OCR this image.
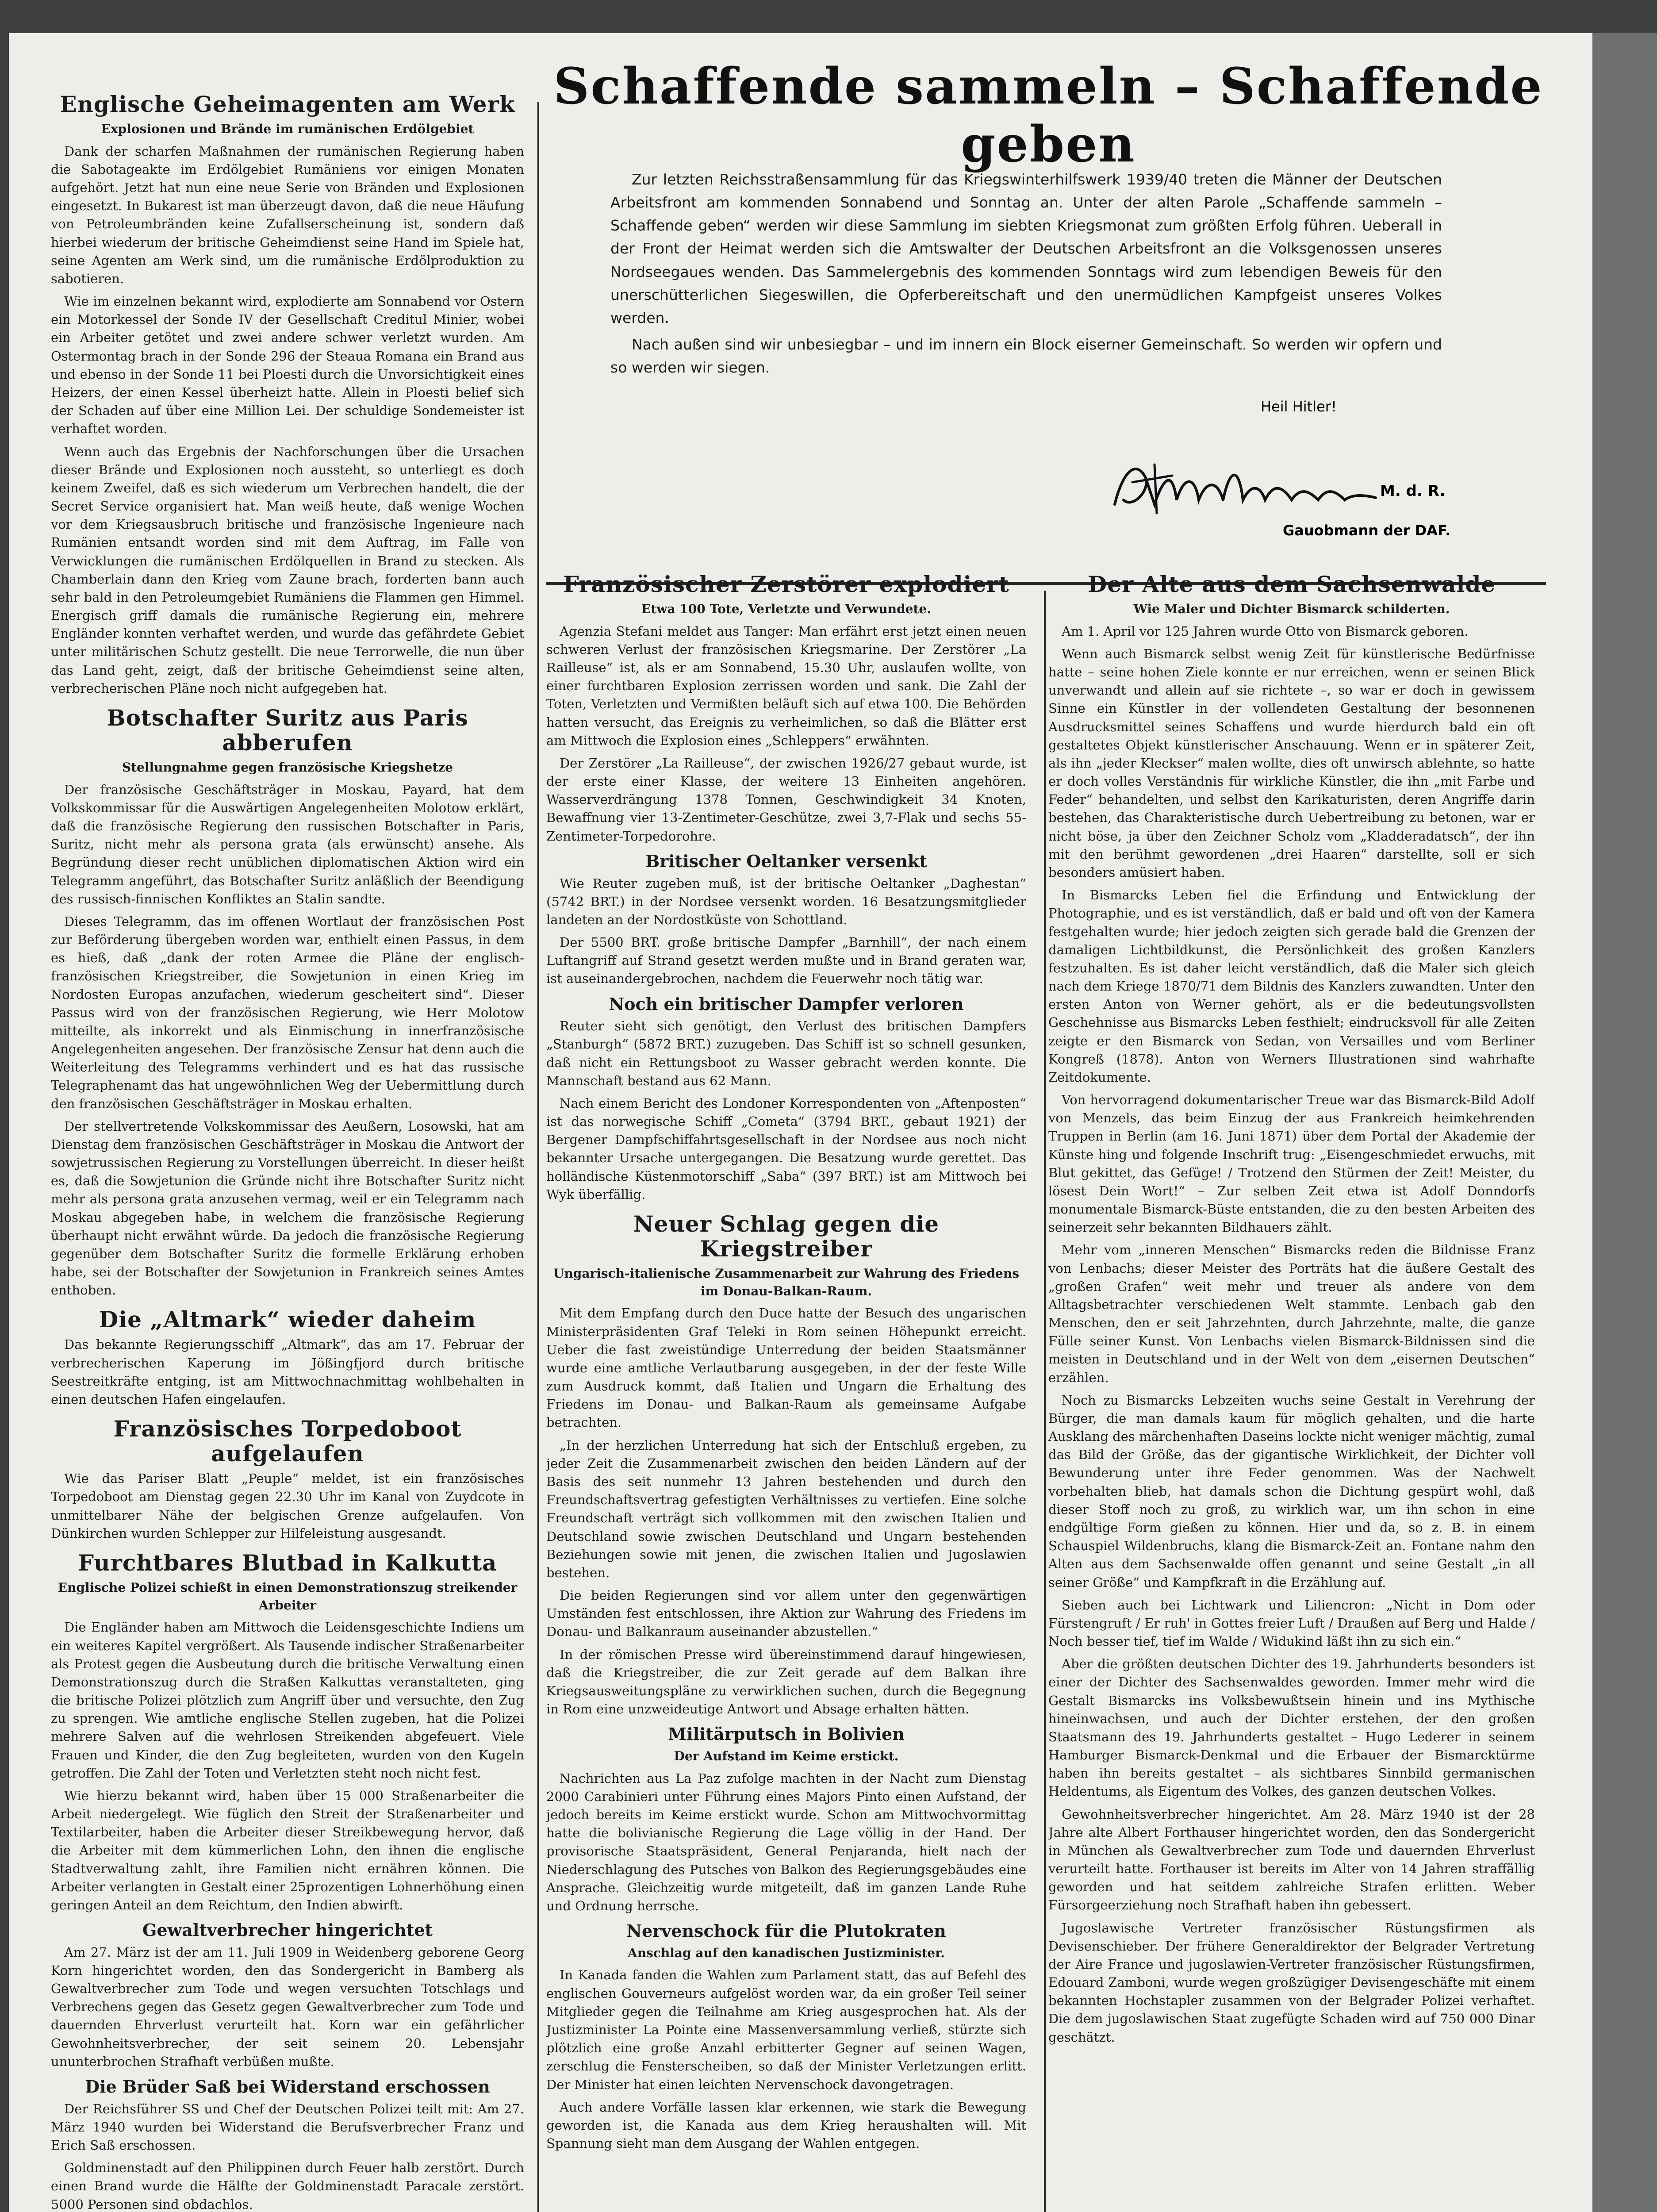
Schaffende sammeln – Schaffende geben

Zur letzten Reichsstraßensammlung für das Kriegswinterhilfswerk 1939/40 treten die Männer der Deutschen Arbeitsfront am kommenden Sonnabend und Sonntag an. Unter der alten Parole „Schaffende sammeln – Schaffende geben“ werden wir diese Sammlung im siebten Kriegsmonat zum größten Erfolg führen. Ueberall in der Front der Heimat werden sich die Amtswalter der Deutschen Arbeitsfront an die Volksgenossen unseres Nordseegaues wenden. Das Sammelergebnis des kommenden Sonntags wird zum lebendigen Beweis für den unerschütterlichen Siegeswillen, die Opferbereitschaft und den unermüdlichen Kampfgeist unseres Volkes werden.

Nach außen sind wir unbesiegbar – und im innern ein Block eiserner Gemeinschaft. So werden wir opfern und so werden wir siegen.

Heil Hitler!
M. d. R.
Gauobmann der DAF.
Englische Geheimagenten am Werk
Explosionen und Brände im rumänischen Erdölgebiet

Dank der scharfen Maßnahmen der rumänischen Regierung haben die Sabotageakte im Erdölgebiet Rumäniens vor einigen Monaten aufgehört. Jetzt hat nun eine neue Serie von Bränden und Explosionen eingesetzt. In Bukarest ist man überzeugt davon, daß die neue Häufung von Petroleumbränden keine Zufallserscheinung ist, sondern daß hierbei wiederum der britische Geheimdienst seine Hand im Spiele hat, seine Agenten am Werk sind, um die rumänische Erdölproduktion zu sabotieren.

Wie im einzelnen bekannt wird, explodierte am Sonnabend vor Ostern ein Motorkessel der Sonde IV der Gesellschaft Creditul Minier, wobei ein Arbeiter getötet und zwei andere schwer verletzt wurden. Am Ostermontag brach in der Sonde 296 der Steaua Romana ein Brand aus und ebenso in der Sonde 11 bei Ploesti durch die Unvorsichtigkeit eines Heizers, der einen Kessel überheizt hatte. Allein in Ploesti belief sich der Schaden auf über eine Million Lei. Der schuldige Sondemeister ist verhaftet worden.

Wenn auch das Ergebnis der Nachforschungen über die Ursachen dieser Brände und Explosionen noch aussteht, so unterliegt es doch keinem Zweifel, daß es sich wiederum um Verbrechen handelt, die der Secret Service organisiert hat. Man weiß heute, daß wenige Wochen vor dem Kriegsausbruch britische und französische Ingenieure nach Rumänien entsandt worden sind mit dem Auftrag, im Falle von Verwicklungen die rumänischen Erdölquellen in Brand zu stecken. Als Chamberlain dann den Krieg vom Zaune brach, forderten bann auch sehr bald in den Petroleumgebiet Rumäniens die Flammen gen Himmel. Energisch griff damals die rumänische Regierung ein, mehrere Engländer konnten verhaftet werden, und wurde das gefährdete Gebiet unter militärischen Schutz gestellt. Die neue Terrorwelle, die nun über das Land geht, zeigt, daß der britische Geheimdienst seine alten, verbrecherischen Pläne noch nicht aufgegeben hat.

Botschafter Suritz aus Paris abberufen
Stellungnahme gegen französische Kriegshetze

Der französische Geschäftsträger in Moskau, Payard, hat dem Volkskommissar für die Auswärtigen Angelegenheiten Molotow erklärt, daß die französische Regierung den russischen Botschafter in Paris, Suritz, nicht mehr als persona grata (als erwünscht) ansehe. Als Begründung dieser recht unüblichen diplomatischen Aktion wird ein Telegramm angeführt, das Botschafter Suritz anläßlich der Beendigung des russisch-finnischen Konfliktes an Stalin sandte.

Dieses Telegramm, das im offenen Wortlaut der französischen Post zur Beförderung übergeben worden war, enthielt einen Passus, in dem es hieß, daß „dank der roten Armee die Pläne der englisch-französischen Kriegstreiber, die Sowjetunion in einen Krieg im Nordosten Europas anzufachen, wiederum gescheitert sind“. Dieser Passus wird von der französischen Regierung, wie Herr Molotow mitteilte, als inkorrekt und als Einmischung in innerfranzösische Angelegenheiten angesehen. Der französische Zensur hat denn auch die Weiterleitung des Telegramms verhindert und es hat das russische Telegraphenamt das hat ungewöhnlichen Weg der Uebermittlung durch den französischen Geschäftsträger in Moskau erhalten.

Der stellvertretende Volkskommissar des Aeußern, Losowski, hat am Dienstag dem französischen Geschäftsträger in Moskau die Antwort der sowjetrussischen Regierung zu Vorstellungen überreicht. In dieser heißt es, daß die Sowjetunion die Gründe nicht ihre Botschafter Suritz nicht mehr als persona grata anzusehen vermag, weil er ein Telegramm nach Moskau abgegeben habe, in welchem die französische Regierung überhaupt nicht erwähnt würde. Da jedoch die französische Regierung gegenüber dem Botschafter Suritz die formelle Erklärung erhoben habe, sei der Botschafter der Sowjetunion in Frankreich seines Amtes enthoben.

Die „Altmark“ wieder daheim

Das bekannte Regierungsschiff „Altmark“, das am 17. Februar der verbrecherischen Kaperung im Jößingfjord durch britische Seestreitkräfte entging, ist am Mittwochnachmittag wohlbehalten in einen deutschen Hafen eingelaufen.

Französisches Torpedoboot aufgelaufen

Wie das Pariser Blatt „Peuple“ meldet, ist ein französisches Torpedoboot am Dienstag gegen 22.30 Uhr im Kanal von Zuydcote in unmittelbarer Nähe der belgischen Grenze aufgelaufen. Von Dünkirchen wurden Schlepper zur Hilfeleistung ausgesandt.

Furchtbares Blutbad in Kalkutta
Englische Polizei schießt in einen Demonstrationszug streikender Arbeiter

Die Engländer haben am Mittwoch die Leidensgeschichte Indiens um ein weiteres Kapitel vergrößert. Als Tausende indischer Straßenarbeiter als Protest gegen die Ausbeutung durch die britische Verwaltung einen Demonstrationszug durch die Straßen Kalkuttas veranstalteten, ging die britische Polizei plötzlich zum Angriff über und versuchte, den Zug zu sprengen. Wie amtliche englische Stellen zugeben, hat die Polizei mehrere Salven auf die wehrlosen Streikenden abgefeuert. Viele Frauen und Kinder, die den Zug begleiteten, wurden von den Kugeln getroffen. Die Zahl der Toten und Verletzten steht noch nicht fest.

Wie hierzu bekannt wird, haben über 15 000 Straßenarbeiter die Arbeit niedergelegt. Wie füglich den Streit der Straßenarbeiter und Textilarbeiter, haben die Arbeiter dieser Streikbewegung hervor, daß die Arbeiter mit dem kümmerlichen Lohn, den ihnen die englische Stadtverwaltung zahlt, ihre Familien nicht ernähren können. Die Arbeiter verlangten in Gestalt einer 25prozentigen Lohnerhöhung einen geringen Anteil an dem Reichtum, den Indien abwirft.

Gewaltverbrecher hingerichtet

Am 27. März ist der am 11. Juli 1909 in Weidenberg geborene Georg Korn hingerichtet worden, den das Sondergericht in Bamberg als Gewaltverbrecher zum Tode und wegen versuchten Totschlags und Verbrechens gegen das Gesetz gegen Gewaltverbrecher zum Tode und dauernden Ehrverlust verurteilt hat. Korn war ein gefährlicher Gewohnheitsverbrecher, der seit seinem 20. Lebensjahr ununterbrochen Strafhaft verbüßen mußte.

Die Brüder Saß bei Widerstand erschossen

Der Reichsführer SS und Chef der Deutschen Polizei teilt mit: Am 27. März 1940 wurden bei Widerstand die Berufsverbrecher Franz und Erich Saß erschossen.

Goldminenstadt auf den Philippinen durch Feuer halb zerstört. Durch einen Brand wurde die Hälfte der Goldminenstadt Paracale zerstört. 5000 Personen sind obdachlos.

Französischer Zerstörer explodiert
Etwa 100 Tote, Verletzte und Verwundete.

Agenzia Stefani meldet aus Tanger: Man erfährt erst jetzt einen neuen schweren Verlust der französischen Kriegsmarine. Der Zerstörer „La Railleuse“ ist, als er am Sonnabend, 15.30 Uhr, auslaufen wollte, von einer furchtbaren Explosion zerrissen worden und sank. Die Zahl der Toten, Verletzten und Vermißten beläuft sich auf etwa 100. Die Behörden hatten versucht, das Ereignis zu verheimlichen, so daß die Blätter erst am Mittwoch die Explosion eines „Schleppers“ erwähnten.

Der Zerstörer „La Railleuse“, der zwischen 1926/27 gebaut wurde, ist der erste einer Klasse, der weitere 13 Einheiten angehören. Wasserverdrängung 1378 Tonnen, Geschwindigkeit 34 Knoten, Bewaffnung vier 13-Zentimeter-Geschütze, zwei 3,7-Flak und sechs 55-Zentimeter-Torpedorohre.

Britischer Oeltanker versenkt

Wie Reuter zugeben muß, ist der britische Oeltanker „Daghestan“ (5742 BRT.) in der Nordsee versenkt worden. 16 Besatzungsmitglieder landeten an der Nordostküste von Schottland.

Der 5500 BRT. große britische Dampfer „Barnhill“, der nach einem Luftangriff auf Strand gesetzt werden mußte und in Brand geraten war, ist auseinandergebrochen, nachdem die Feuerwehr noch tätig war.

Noch ein britischer Dampfer verloren

Reuter sieht sich genötigt, den Verlust des britischen Dampfers „Stanburgh“ (5872 BRT.) zuzugeben. Das Schiff ist so schnell gesunken, daß nicht ein Rettungsboot zu Wasser gebracht werden konnte. Die Mannschaft bestand aus 62 Mann.

Nach einem Bericht des Londoner Korrespondenten von „Aftenposten“ ist das norwegische Schiff „Cometa“ (3794 BRT., gebaut 1921) der Bergener Dampfschiffahrtsgesellschaft in der Nordsee aus noch nicht bekannter Ursache untergegangen. Die Besatzung wurde gerettet. Das holländische Küstenmotorschiff „Saba“ (397 BRT.) ist am Mittwoch bei Wyk überfällig.

Neuer Schlag gegen die Kriegstreiber
Ungarisch-italienische Zusammenarbeit zur Wahrung des Friedens im Donau-Balkan-Raum.

Mit dem Empfang durch den Duce hatte der Besuch des ungarischen Ministerpräsidenten Graf Teleki in Rom seinen Höhepunkt erreicht. Ueber die fast zweistündige Unterredung der beiden Staatsmänner wurde eine amtliche Verlautbarung ausgegeben, in der der feste Wille zum Ausdruck kommt, daß Italien und Ungarn die Erhaltung des Friedens im Donau- und Balkan-Raum als gemeinsame Aufgabe betrachten.

„In der herzlichen Unterredung hat sich der Entschluß ergeben, zu jeder Zeit die Zusammenarbeit zwischen den beiden Ländern auf der Basis des seit nunmehr 13 Jahren bestehenden und durch den Freundschaftsvertrag gefestigten Verhältnisses zu vertiefen. Eine solche Freundschaft verträgt sich vollkommen mit den zwischen Italien und Deutschland sowie zwischen Deutschland und Ungarn bestehenden Beziehungen sowie mit jenen, die zwischen Italien und Jugoslawien bestehen.

Die beiden Regierungen sind vor allem unter den gegenwärtigen Umständen fest entschlossen, ihre Aktion zur Wahrung des Friedens im Donau- und Balkanraum auseinander abzustellen.“

In der römischen Presse wird übereinstimmend darauf hingewiesen, daß die Kriegstreiber, die zur Zeit gerade auf dem Balkan ihre Kriegsausweitungspläne zu verwirklichen suchen, durch die Begegnung in Rom eine unzweideutige Antwort und Absage erhalten hätten.

Militärputsch in Bolivien
Der Aufstand im Keime erstickt.

Nachrichten aus La Paz zufolge machten in der Nacht zum Dienstag 2000 Carabinieri unter Führung eines Majors Pinto einen Aufstand, der jedoch bereits im Keime erstickt wurde. Schon am Mittwochvormittag hatte die bolivianische Regierung die Lage völlig in der Hand. Der provisorische Staatspräsident, General Penjaranda, hielt nach der Niederschlagung des Putsches von Balkon des Regierungsgebäudes eine Ansprache. Gleichzeitig wurde mitgeteilt, daß im ganzen Lande Ruhe und Ordnung herrsche.

Nervenschock für die Plutokraten
Anschlag auf den kanadischen Justizminister.

In Kanada fanden die Wahlen zum Parlament statt, das auf Befehl des englischen Gouverneurs aufgelöst worden war, da ein großer Teil seiner Mitglieder gegen die Teilnahme am Krieg ausgesprochen hat. Als der Justizminister La Pointe eine Massenversammlung verließ, stürzte sich plötzlich eine große Anzahl erbitterter Gegner auf seinen Wagen, zerschlug die Fensterscheiben, so daß der Minister Verletzungen erlitt. Der Minister hat einen leichten Nervenschock davongetragen.

Auch andere Vorfälle lassen klar erkennen, wie stark die Bewegung geworden ist, die Kanada aus dem Krieg heraushalten will. Mit Spannung sieht man dem Ausgang der Wahlen entgegen.

Der Alte aus dem Sachsenwalde
Wie Maler und Dichter Bismarck schilderten.

Am 1. April vor 125 Jahren wurde Otto von Bismarck geboren.

Wenn auch Bismarck selbst wenig Zeit für künstlerische Bedürfnisse hatte – seine hohen Ziele konnte er nur erreichen, wenn er seinen Blick unverwandt und allein auf sie richtete –, so war er doch in gewissem Sinne ein Künstler in der vollendeten Gestaltung der besonnenen Ausdrucksmittel seines Schaffens und wurde hierdurch bald ein oft gestaltetes Objekt künstlerischer Anschauung. Wenn er in späterer Zeit, als ihn „jeder Kleckser“ malen wollte, dies oft unwirsch ablehnte, so hatte er doch volles Verständnis für wirkliche Künstler, die ihn „mit Farbe und Feder“ behandelten, und selbst den Karikaturisten, deren Angriffe darin bestehen, das Charakteristische durch Uebertreibung zu betonen, war er nicht böse, ja über den Zeichner Scholz vom „Kladderadatsch“, der ihn mit den berühmt gewordenen „drei Haaren“ darstellte, soll er sich besonders amüsiert haben.

In Bismarcks Leben fiel die Erfindung und Entwicklung der Photographie, und es ist verständlich, daß er bald und oft von der Kamera festgehalten wurde; hier jedoch zeigten sich gerade bald die Grenzen der damaligen Lichtbildkunst, die Persönlichkeit des großen Kanzlers festzuhalten. Es ist daher leicht verständlich, daß die Maler sich gleich nach dem Kriege 1870/71 dem Bildnis des Kanzlers zuwandten. Unter den ersten Anton von Werner gehört, als er die bedeutungsvollsten Geschehnisse aus Bismarcks Leben festhielt; eindrucksvoll für alle Zeiten zeigte er den Bismarck von Sedan, von Versailles und vom Berliner Kongreß (1878). Anton von Werners Illustrationen sind wahrhafte Zeitdokumente.

Von hervorragend dokumentarischer Treue war das Bismarck-Bild Adolf von Menzels, das beim Einzug der aus Frankreich heimkehrenden Truppen in Berlin (am 16. Juni 1871) über dem Portal der Akademie der Künste hing und folgende Inschrift trug: „Eisengeschmiedet erwuchs, mit Blut gekittet, das Gefüge! / Trotzend den Stürmen der Zeit! Meister, du lösest Dein Wort!“ – Zur selben Zeit etwa ist Adolf Donndorfs monumentale Bismarck-Büste entstanden, die zu den besten Arbeiten des seinerzeit sehr bekannten Bildhauers zählt.

Mehr vom „inneren Menschen“ Bismarcks reden die Bildnisse Franz von Lenbachs; dieser Meister des Porträts hat die äußere Gestalt des „großen Grafen“ weit mehr und treuer als andere von dem Alltagsbetrachter verschiedenen Welt stammte. Lenbach gab den Menschen, den er seit Jahrzehnten, durch Jahrzehnte, malte, die ganze Fülle seiner Kunst. Von Lenbachs vielen Bismarck-Bildnissen sind die meisten in Deutschland und in der Welt von dem „eisernen Deutschen“ erzählen.

Noch zu Bismarcks Lebzeiten wuchs seine Gestalt in Verehrung der Bürger, die man damals kaum für möglich gehalten, und die harte Ausklang des märchenhaften Daseins lockte nicht weniger mächtig, zumal das Bild der Größe, das der gigantische Wirklichkeit, der Dichter voll Bewunderung unter ihre Feder genommen. Was der Nachwelt vorbehalten blieb, hat damals schon die Dichtung gespürt wohl, daß dieser Stoff noch zu groß, zu wirklich war, um ihn schon in eine endgültige Form gießen zu können. Hier und da, so z. B. in einem Schauspiel Wildenbruchs, klang die Bismarck-Zeit an. Fontane nahm den Alten aus dem Sachsenwalde offen genannt und seine Gestalt „in all seiner Größe“ und Kampfkraft in die Erzählung auf.

Sieben auch bei Lichtwark und Liliencron: „Nicht in Dom oder Fürstengruft / Er ruh' in Gottes freier Luft / Draußen auf Berg und Halde / Noch besser tief, tief im Walde / Widukind läßt ihn zu sich ein.“

Aber die größten deutschen Dichter des 19. Jahrhunderts besonders ist einer der Dichter des Sachsenwaldes geworden. Immer mehr wird die Gestalt Bismarcks ins Volksbewußtsein hinein und ins Mythische hineinwachsen, und auch der Dichter erstehen, der den großen Staatsmann des 19. Jahrhunderts gestaltet – Hugo Lederer in seinem Hamburger Bismarck-Denkmal und die Erbauer der Bismarcktürme haben ihn bereits gestaltet – als sichtbares Sinnbild germanischen Heldentums, als Eigentum des Volkes, des ganzen deutschen Volkes.

Gewohnheitsverbrecher hingerichtet. Am 28. März 1940 ist der 28 Jahre alte Albert Forthauser hingerichtet worden, den das Sondergericht in München als Gewaltverbrecher zum Tode und dauernden Ehrverlust verurteilt hatte. Forthauser ist bereits im Alter von 14 Jahren straffällig geworden und hat seitdem zahlreiche Strafen erlitten. Weber Fürsorgeerziehung noch Strafhaft haben ihn gebessert.

Jugoslawische Vertreter französischer Rüstungsfirmen als Devisenschieber. Der frühere Generaldirektor der Belgrader Vertretung der Aire France und jugoslawien-Vertreter französischer Rüstungsfirmen, Edouard Zamboni, wurde wegen großzügiger Devisengeschäfte mit einem bekannten Hochstapler zusammen von der Belgrader Polizei verhaftet. Die dem jugoslawischen Staat zugefügte Schaden wird auf 750 000 Dinar geschätzt.
